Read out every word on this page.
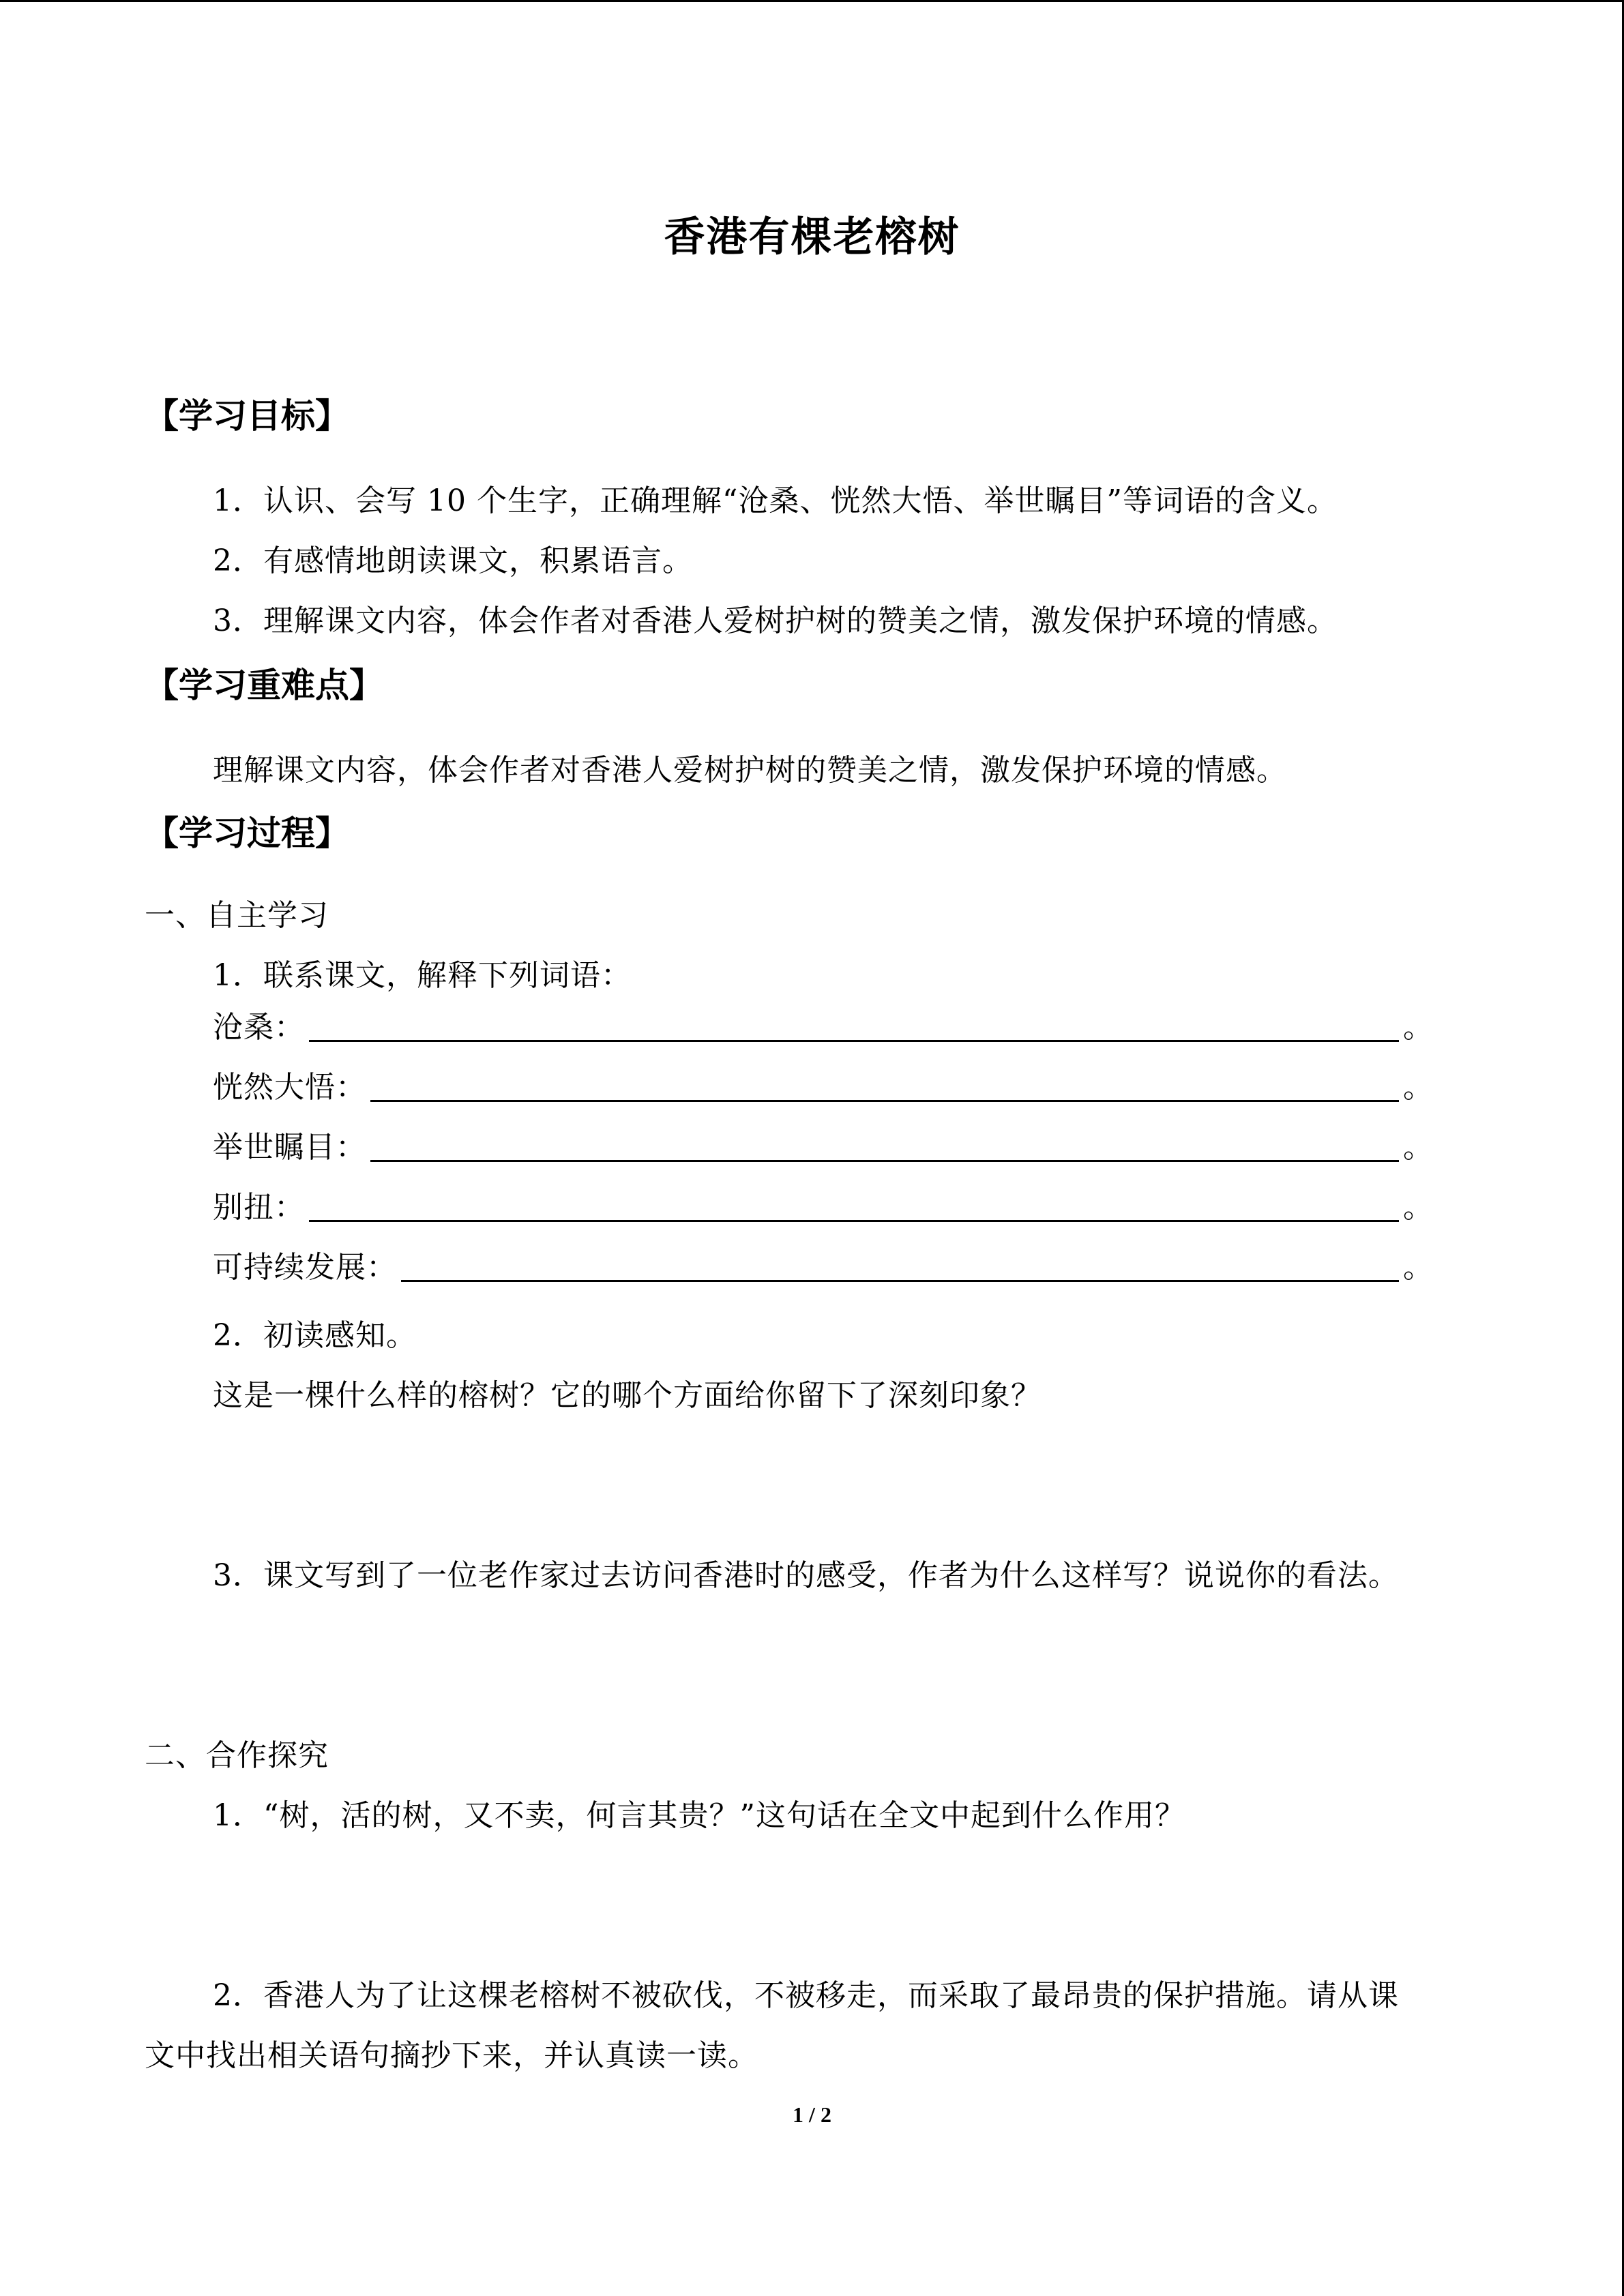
香港有棵老榕树
【学习目标】
1．认识、会写 10 个生字，正确理解“沧桑、恍然大悟、举世瞩目”等词语的含义。
2．有感情地朗读课文，积累语言。
3．理解课文内容，体会作者对香港人爱树护树的赞美之情，激发保护环境的情感。
【学习重难点】
理解课文内容，体会作者对香港人爱树护树的赞美之情，激发保护环境的情感。
【学习过程】
一、自主学习
1．联系课文，解释下列词语：
沧桑：	。
恍然大悟：	。
举世瞩目：	。
别扭：	。
可持续发展：	。
2．初读感知。
这是一棵什么样的榕树？它的哪个方面给你留下了深刻印象？
3．课文写到了一位老作家过去访问香港时的感受，作者为什么这样写？说说你的看法。
二、合作探究
1．“树，活的树，又不卖，何言其贵？”这句话在全文中起到什么作用？
2．香港人为了让这棵老榕树不被砍伐，不被移走，而采取了最昂贵的保护措施。请从课
文中找出相关语句摘抄下来，并认真读一读。
1 / 2
